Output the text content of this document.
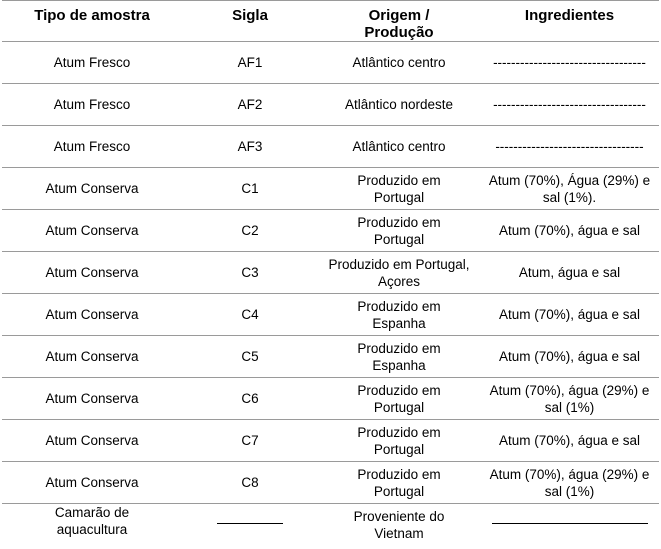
Tipo de amostra	Sigla	Origem / Produção	Ingredientes
Atum Fresco	AF1	Atlântico centro	----------------------------------
Atum Fresco	AF2	Atlântico nordeste	----------------------------------
Atum Fresco	AF3	Atlântico centro	---------------------------------
Atum Conserva	C1	Produzido em Portugal	Atum (70%), Água (29%) e sal (1%).
Atum Conserva	C2	Produzido em Portugal	Atum (70%), água e sal
Atum Conserva	C3	Produzido em Portugal, Açores	Atum, água e sal
Atum Conserva	C4	Produzido em Espanha	Atum (70%), água e sal
Atum Conserva	C5	Produzido em Espanha	Atum (70%), água e sal
Atum Conserva	C6	Produzido em Portugal	Atum (70%), água (29%) e sal (1%)
Atum Conserva	C7	Produzido em Portugal	Atum (70%), água e sal
Atum Conserva	C8	Produzido em Portugal	Atum (70%), água (29%) e sal (1%)
Camarão de aquacultura		Proveniente do Vietnam	
